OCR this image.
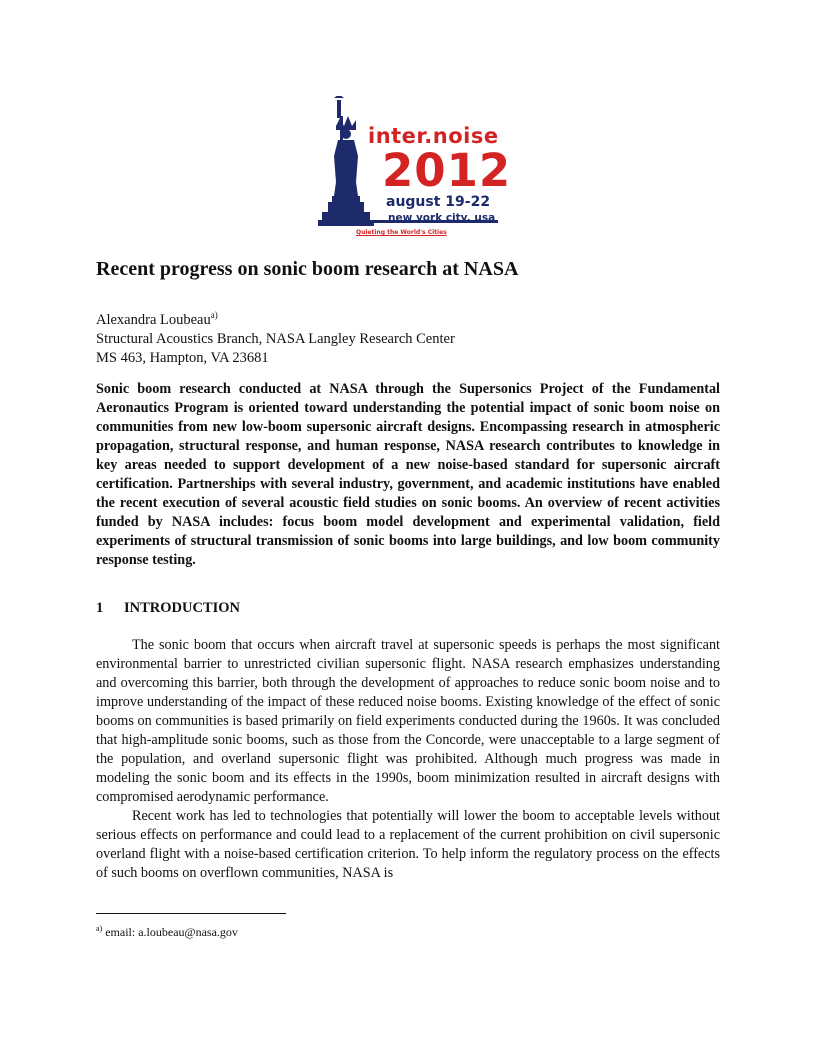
inter.noise
2012
august 19-22
new york city, usa
Quieting the World's Cities
Recent progress on sonic boom research at NASA
Alexandra Loubeau$^{a)}$
Structural Acoustics Branch, NASA Langley Research Center
MS 463, Hampton, VA 23681

Sonic boom research conducted at NASA through the Supersonics Project of the Fundamental Aeronautics Program is oriented toward understanding the potential impact of sonic boom noise on communities from new low-boom supersonic aircraft designs. Encompassing research in atmospheric propagation, structural response, and human response, NASA research contributes to knowledge in key areas needed to support development of a new noise-based standard for supersonic aircraft certification. Partnerships with several industry, government, and academic institutions have enabled the recent execution of several acoustic field studies on sonic booms. An overview of recent activities funded by NASA includes: focus boom model development and experimental validation, field experiments of structural transmission of sonic booms into large buildings, and low boom community response testing.

1 INTRODUCTION

The sonic boom that occurs when aircraft travel at supersonic speeds is perhaps the most significant environmental barrier to unrestricted civilian supersonic flight. NASA research emphasizes understanding and overcoming this barrier, both through the development of approaches to reduce sonic boom noise and to improve understanding of the impact of these reduced noise booms. Existing knowledge of the effect of sonic booms on communities is based primarily on field experiments conducted during the 1960s. It was concluded that high-amplitude sonic booms, such as those from the Concorde, were unacceptable to a large segment of the population, and overland supersonic flight was prohibited. Although much progress was made in modeling the sonic boom and its effects in the 1990s, boom minimization resulted in aircraft designs with compromised aerodynamic performance.

Recent work has led to technologies that potentially will lower the boom to acceptable levels without serious effects on performance and could lead to a replacement of the current prohibition on civil supersonic overland flight with a noise-based certification criterion. To help inform the regulatory process on the effects of such booms on overflown communities, NASA is

$^{a)}$ email: a.loubeau@nasa.gov
